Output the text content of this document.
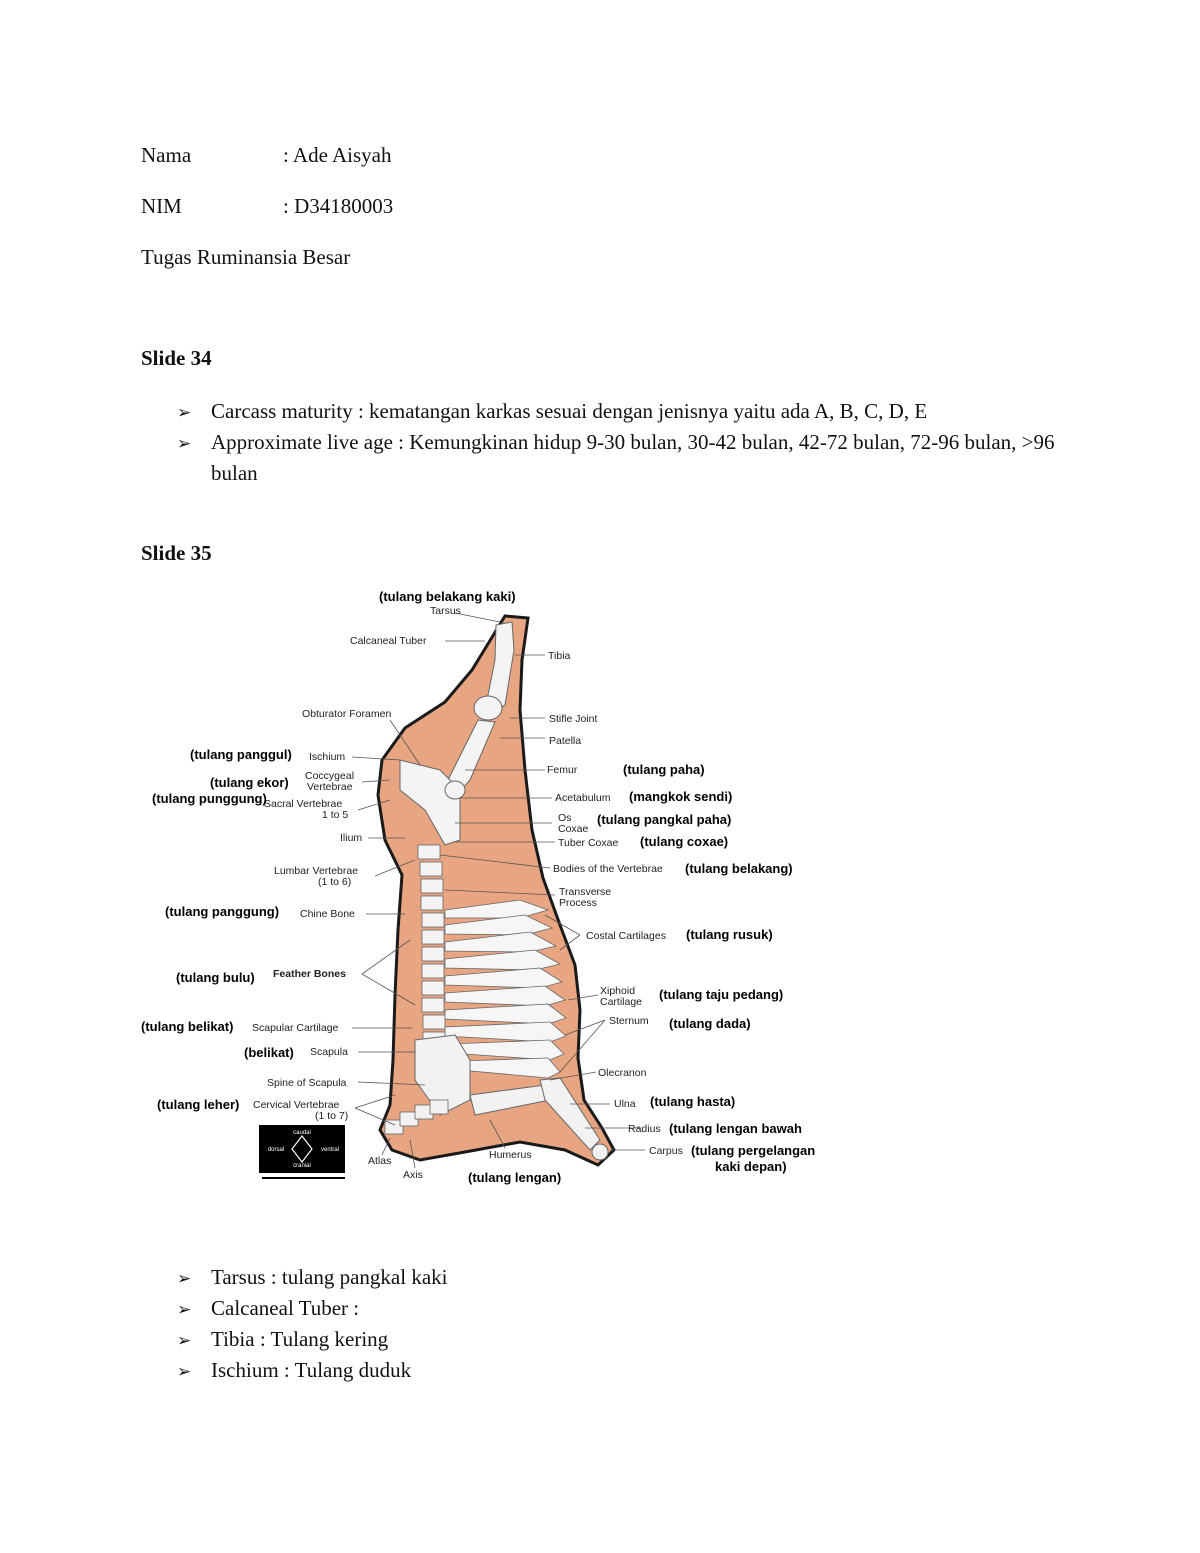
Nama	: Ade Aisyah
NIM	: D34180003
Tugas Ruminansia Besar
Slide 34
➢ Carcass maturity : kematangan karkas sesuai dengan jenisnya yaitu ada A, B, C, D, E
➢ Approximate live age : Kemungkinan hidup 9-30 bulan, 30-42 bulan, 42-72 bulan, 72-96 bulan, >96 bulan
Slide 35
caudal
dorsal	ventral
cranial
(tulang belakang kaki)
Tarsus
Calcaneal Tuber
Obturator Foramen
Ischium
Coccygeal
Vertebrae
Sacral Vertebrae
1 to 5
Ilium
Lumbar Vertebrae
(1 to 6)
Chine Bone
Feather Bones
Scapular Cartilage
Scapula
Spine of Scapula
Cervical Vertebrae
(1 to 7)
Atlas
Axis
Humerus
(tulang panggul)
(tulang ekor)
(tulang punggung)
(tulang panggung)
(tulang bulu)
(tulang belikat)
(belikat)
(tulang leher)
(tulang lengan)
Tibia
Stifle Joint
Patella
Femur
Acetabulum
Os
Coxae
Tuber Coxae
Bodies of the Vertebrae
Transverse
Process
Costal Cartilages
Xiphoid
Cartilage
Sternum
Olecranon
Ulna
Radius
Carpus
(tulang paha)
(mangkok sendi)
(tulang pangkal paha)
(tulang coxae)
(tulang belakang)
(tulang rusuk)
(tulang taju pedang)
(tulang dada)
(tulang hasta)
(tulang lengan bawah
(tulang pergelangan
kaki depan)
➢ Tarsus : tulang pangkal kaki
➢ Calcaneal Tuber :
➢ Tibia : Tulang kering
➢ Ischium : Tulang duduk
